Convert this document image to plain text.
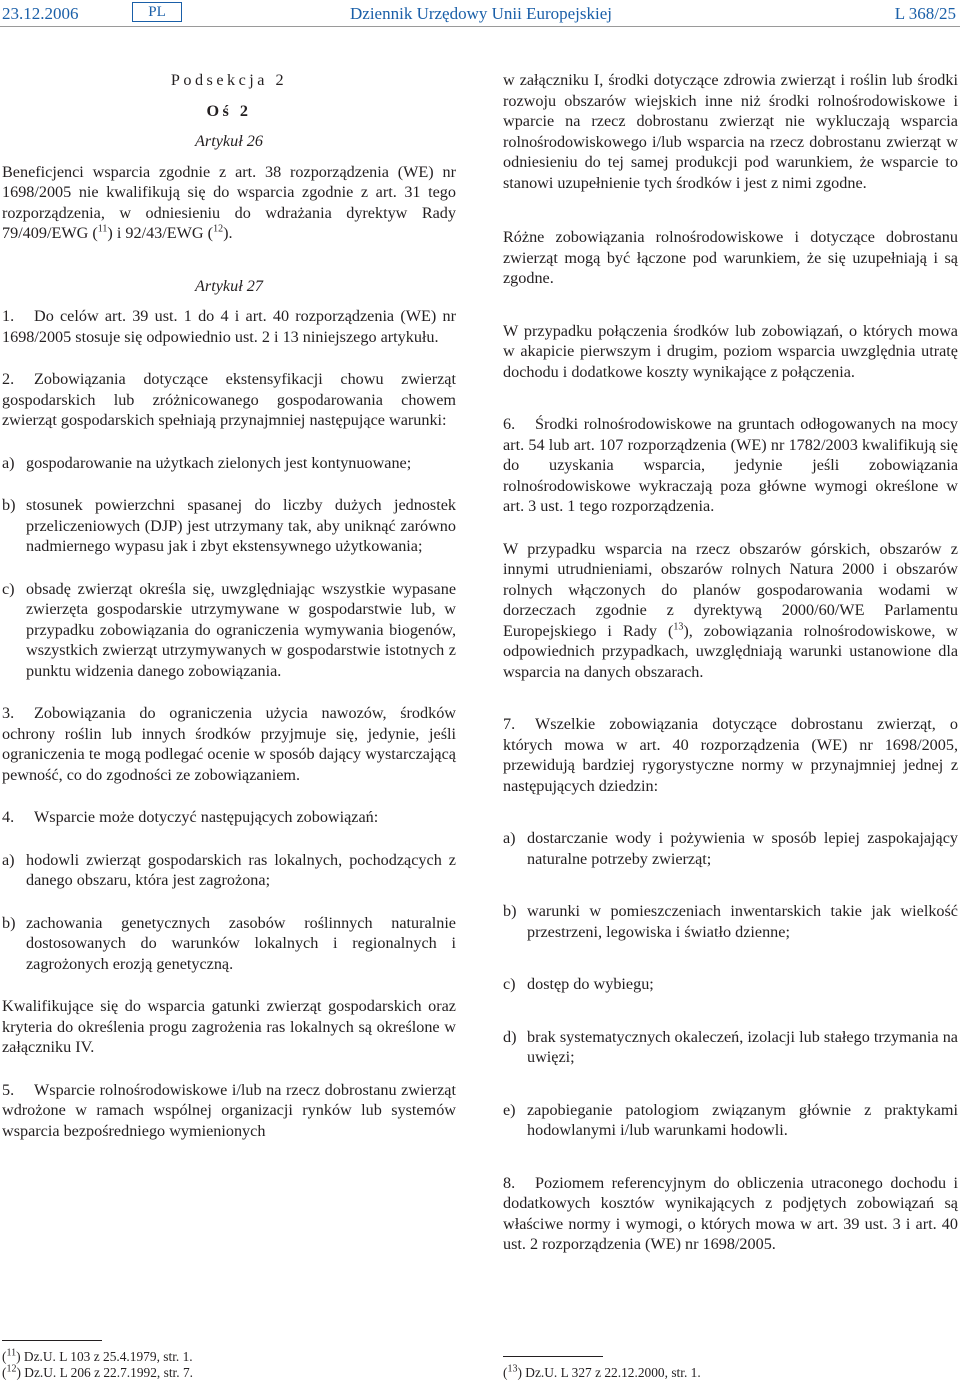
23.12.2006	PL	Dziennik Urzędowy Unii Europejskiej	L 368/25

Podsekcja 2

Oś 2

Artykuł 26

Beneficjenci wsparcia zgodnie z art. 38 rozporządzenia (WE) nr 1698/2005 nie kwalifikują się do wsparcia zgodnie z art. 31 tego rozporządzenia, w odniesieniu do wdrażania dyrektyw Rady 79/409/EWG ($^{11}$) i 92/43/EWG ($^{12}$).

Artykuł 27

1. Do celów art. 39 ust. 1 do 4 i art. 40 rozporządzenia (WE) nr 1698/2005 stosuje się odpowiednio ust. 2 i 13 niniejszego artykułu.

2. Zobowiązania dotyczące ekstensyfikacji chowu zwierząt gospodarskich lub zróżnicowanego gospodarowania chowem zwierząt gospodarskich spełniają przynajmniej następujące warunki:

a) gospodarowanie na użytkach zielonych jest kontynuowane;
b) stosunek powierzchni spasanej do liczby dużych jednostek przeliczeniowych (DJP) jest utrzymany tak, aby uniknąć zarówno nadmiernego wypasu jak i zbyt ekstensywnego użytkowania;
c) obsadę zwierząt określa się, uwzględniając wszystkie wypasane zwierzęta gospodarskie utrzymywane w gospodarstwie lub, w przypadku zobowiązania do ograniczenia wymywania biogenów, wszystkich zwierząt utrzymywanych w gospodarstwie istotnych z punktu widzenia danego zobowiązania.

3. Zobowiązania do ograniczenia użycia nawozów, środków ochrony roślin lub innych środków przyjmuje się, jedynie, jeśli ograniczenia te mogą podlegać ocenie w sposób dający wystarczającą pewność, co do zgodności ze zobowiązaniem.

4. Wsparcie może dotyczyć następujących zobowiązań:

a) hodowli zwierząt gospodarskich ras lokalnych, pochodzących z danego obszaru, która jest zagrożona;
b) zachowania genetycznych zasobów roślinnych naturalnie dostosowanych do warunków lokalnych i regionalnych i zagrożonych erozją genetyczną.

Kwalifikujące się do wsparcia gatunki zwierząt gospodarskich oraz kryteria do określenia progu zagrożenia ras lokalnych są określone w załączniku IV.

5. Wsparcie rolnośrodowiskowe i/lub na rzecz dobrostanu zwierząt wdrożone w ramach wspólnej organizacji rynków lub systemów wsparcia bezpośredniego wymienionych

w załączniku I, środki dotyczące zdrowia zwierząt i roślin lub środki rozwoju obszarów wiejskich inne niż środki rolnośrodowiskowe i wparcie na rzecz dobrostanu zwierząt nie wykluczają wsparcia rolnośrodowiskowego i/lub wsparcia na rzecz dobrostanu zwierząt w odniesieniu do tej samej produkcji pod warunkiem, że wsparcie to stanowi uzupełnienie tych środków i jest z nimi zgodne.

Różne zobowiązania rolnośrodowiskowe i dotyczące dobrostanu zwierząt mogą być łączone pod warunkiem, że się uzupełniają i są zgodne.

W przypadku połączenia środków lub zobowiązań, o których mowa w akapicie pierwszym i drugim, poziom wsparcia uwzględnia utratę dochodu i dodatkowe koszty wynikające z połączenia.

6. Środki rolnośrodowiskowe na gruntach odłogowanych na mocy art. 54 lub art. 107 rozporządzenia (WE) nr 1782/2003 kwalifikują się do uzyskania wsparcia, jedynie jeśli zobowiązania rolnośrodowiskowe wykraczają poza główne wymogi określone w art. 3 ust. 1 tego rozporządzenia.

W przypadku wsparcia na rzecz obszarów górskich, obszarów z innymi utrudnieniami, obszarów rolnych Natura 2000 i obszarów rolnych włączonych do planów gospodarowania wodami w dorzeczach zgodnie z dyrektywą 2000/60/WE Parlamentu Europejskiego i Rady ($^{13}$), zobowiązania rolnośrodowiskowe, w odpowiednich przypadkach, uwzględniają warunki ustanowione dla wsparcia na danych obszarach.

7. Wszelkie zobowiązania dotyczące dobrostanu zwierząt, o których mowa w art. 40 rozporządzenia (WE) nr 1698/2005, przewidują bardziej rygorystyczne normy w przynajmniej jednej z następujących dziedzin:

a) dostarczanie wody i pożywienia w sposób lepiej zaspokajający naturalne potrzeby zwierząt;
b) warunki w pomieszczeniach inwentarskich takie jak wielkość przestrzeni, legowiska i światło dzienne;
c) dostęp do wybiegu;
d) brak systematycznych okaleczeń, izolacji lub stałego trzymania na uwięzi;
e) zapobieganie patologiom związanym głównie z praktykami hodowlanymi i/lub warunkami hodowli.

8. Poziomem referencyjnym do obliczenia utraconego dochodu i dodatkowych kosztów wynikających z podjętych zobowiązań są właściwe normy i wymogi, o których mowa w art. 39 ust. 3 i art. 40 ust. 2 rozporządzenia (WE) nr 1698/2005.

($^{11}$) Dz.U. L 103 z 25.4.1979, str. 1.
($^{12}$) Dz.U. L 206 z 22.7.1992, str. 7.	($^{13}$) Dz.U. L 327 z 22.12.2000, str. 1.
